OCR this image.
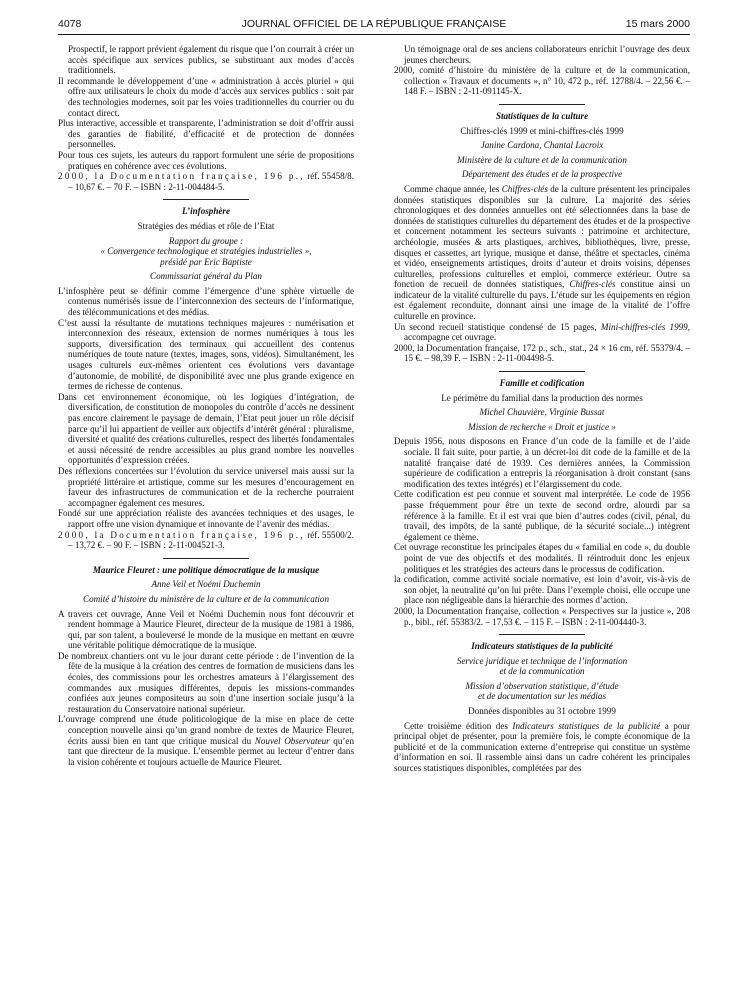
4078	JOURNAL OFFICIEL DE LA RÉPUBLIQUE FRANÇAISE	15 mars 2000

Prospectif, le rapport prévient également du risque que l’on courrait à créer un accès spécifique aux services publics, se substituant aux modes d’accès traditionnels.

Il recommande le développement d’une « administration à accès pluriel » qui offre aux utilisateurs le choix du mode d’accès aux services publics : soit par des technologies modernes, soit par les voies traditionnelles du courrier ou du contact direct.

Plus interactive, accessible et transparente, l’administration se doit d’offrir aussi des garanties de fiabilité, d’efficacité et de protection de données personnelles.

Pour tous ces sujets, les auteurs du rapport formulent une série de propositions pratiques en cohérence avec ces évolutions.

2000, la Documentation française, 196 p., réf. 55458/8. – 10,67 €. – 70 F. – ISBN : 2-11-004484-5.

L’infosphère

Stratégies des médias et rôle de l’Etat

Rapport du groupe :

« Convergence technologique et stratégies industrielles »,

présidé par Eric Baptiste

Commissariat général du Plan

L’infosphère peut se définir comme l’émergence d’une sphère virtuelle de contenus numérisés issue de l’interconnexion des secteurs de l’informatique, des télécommunications et des médias.

C’est aussi la résultante de mutations techniques majeures : numérisation et interconnexion des réseaux, extension de normes numériques à tous les supports, diversification des terminaux qui accueillent des contenus numériques de toute nature (textes, images, sons, vidéos). Simultanément, les usages culturels eux-mêmes orientent ces évolutions vers davantage d’autonomie, de mobilité, de disponibilité avec une plus grande exigence en termes de richesse de contenus.

Dans cet environnement économique, où les logiques d’intégration, de diversification, de constitution de monopoles du contrôle d’accès ne dessinent pas encore clairement le paysage de demain, l’Etat peut jouer un rôle décisif parce qu’il lui appartient de veiller aux objectifs d’intérêt général : pluralisme, diversité et qualité des créations culturelles, respect des libertés fondamentales et aussi nécessité de rendre accessibles au plus grand nombre les nouvelles opportunités d’expression créées.

Des réflexions concertées sur l’évolution du service universel mais aussi sur la propriété littéraire et artistique, comme sur les mesures d’encouragement en faveur des infrastructures de communication et de la recherche pourraient accompagner également ces mesures.

Fondé sur une appréciation réaliste des avancées techniques et des usages, le rapport offre une vision dynamique et innovante de l’avenir des médias.

2000, la Documentation française, 196 p., réf. 55500/2. – 13,72 €. – 90 F. – ISBN : 2-11-004521-3.

Maurice Fleuret : une politique démocratique de la musique

Anne Veil et Noémi Duchemin

Comité d’histoire du ministère de la culture et de la communication

A travers cet ouvrage, Anne Veil et Noémi Duchemin nous font découvrir et rendent hommage à Maurice Fleuret, directeur de la musique de 1981 à 1986, qui, par son talent, a bouleversé le monde de la musique en mettant en œuvre une véritable politique démocratique de la musique.

De nombreux chantiers ont vu le jour durant cette période : de l’invention de la fête de la musique à la création des centres de formation de musiciens dans les écoles, des commissions pour les orchestres amateurs à l’élargissement des commandes aux musiques différentes, depuis les missions-commandes confiées aux jeunes compositeurs au soin d’une insertion sociale jusqu’à la restauration du Conservatoire national supérieur.

L’ouvrage comprend une étude politicologique de la mise en place de cette conception nouvelle ainsi qu’un grand nombre de textes de Maurice Fleuret, écrits aussi bien en tant que critique musical du Nouvel Observateur qu’en tant que directeur de la musique. L’ensemble permet au lecteur d’entrer dans la vision cohérente et toujours actuelle de Maurice Fleuret.

Un témoignage oral de ses anciens collaborateurs enrichit l’ouvrage des deux jeunes chercheurs.

2000, comité d’histoire du ministère de la culture et de la communication, collection « Travaux et documents », n° 10, 472 p., réf. 12788/4. – 22,56 €. – 148 F. – ISBN : 2-11-091145-X.

Statistiques de la culture

Chiffres-clés 1999 et mini-chiffres-clés 1999

Janine Cardona, Chantal Lacroix

Ministère de la culture et de la communication

Département des études et de la prospective

Comme chaque année, les Chiffres-clés de la culture présentent les principales données statistiques disponibles sur la culture. La majorité des séries chronologiques et des données annuelles ont été sélectionnées dans la base de données de statistiques culturelles du département des études et de la prospective et concernent notamment les secteurs suivants : patrimoine et architecture, archéologie, musées & arts plastiques, archives, bibliothèques, livre, presse, disques et cassettes, art lyrique, musique et danse, théâtre et spectacles, cinéma et vidéo, enseignements artistiques, droits d’auteur et droits voisins, dépenses culturelles, professions culturelles et emploi, commerce extérieur. Outre sa fonction de recueil de données statistiques, Chiffres-clés constitue ainsi un indicateur de la vitalité culturelle du pays. L’étude sur les équipements en région est également reconduite, donnant ainsi une image de la vitalité de l’offre culturelle en province.

Un second recueil statistique condensé de 15 pages, Mini-chiffres-clés 1999, accompagne cet ouvrage.

2000, la Documentation française, 172 p., sch., stat., 24 × 16 cm, réf. 55379/4. – 15 €. – 98,39 F. – ISBN : 2-11-004498-5.

Famille et codification

Le périmètre du familial dans la production des normes

Michel Chauvière, Virginie Bussat

Mission de recherche « Droit et justice »

Depuis 1956, nous disposons en France d’un code de la famille et de l’aide sociale. Il fait suite, pour partie, à un décret-loi dit code de la famille et de la natalité française daté de 1939. Ces dernières années, la Commission supérieure de codification a entrepris la réorganisation à droit constant (sans modification des textes intégrés) et l’élargissement du code.

Cette codification est peu connue et souvent mal interprétée. Le code de 1956 passe fréquemment pour être un texte de second ordre, alourdi par sa référence à la famille. Et il est vrai que bien d’autres codes (civil, pénal, du travail, des impôts, de la santé publique, de la sécurité sociale...) intègrent également ce thème.

Cet ouvrage reconstitue les principales étapes du « familial en code », du double point de vue des objectifs et des modalités. Il réintroduit donc les enjeux politiques et les stratégies des acteurs dans le processus de codification.

la codification, comme activité sociale normative, est loin d’avoir, vis-à-vis de son objet, la neutralité qu’on lui prête. Dans l’exemple choisi, elle occupe une place non négligeable dans la hiérarchie des normes d’action.

2000, la Documentation française, collection « Perspectives sur la justice », 208 p., bibl., réf. 55383/2. – 17,53 €. – 115 F. – ISBN : 2-11-004440-3.

Indicateurs statistiques de la publicité

Service juridique et technique de l’information

et de la communication

Mission d’observation statistique, d’étude

et de documentation sur les médias

Données disponibles au 31 octobre 1999

Cette troisième édition des Indicateurs statistiques de la publicité a pour principal objet de présenter, pour la première fois, le compte économique de la publicité et de la communication externe d’entreprise qui constitue un système d’information en soi. Il rassemble ainsi dans un cadre cohérent les principales sources statistiques disponibles, complétées par des
